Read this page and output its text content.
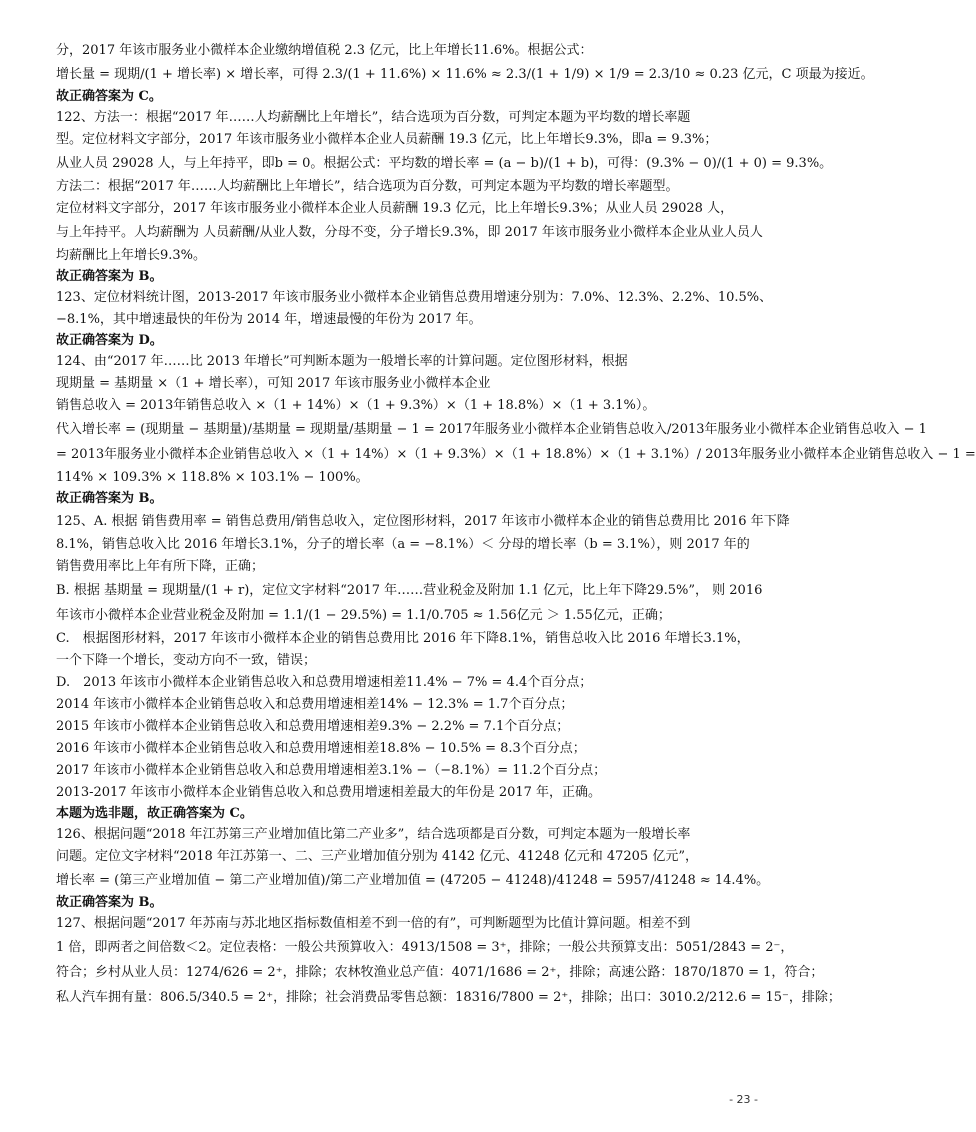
分，2017 年该市服务业小微样本企业缴纳增值税 2.3 亿元，比上年增长11.6%。根据公式：
增长量 = 现期/(1 + 增长率) × 增长率，可得 2.3/(1 + 11.6%) × 11.6% ≈ 2.3/(1 + 1/9) × 1/9 = 2.3/10 ≈ 0.23 亿元，C 项最为接近。
故正确答案为 C。
122、方法一：根据“2017 年……人均薪酬比上年增长”，结合选项为百分数，可判定本题为平均数的增长率题
型。定位材料文字部分，2017 年该市服务业小微样本企业人员薪酬 19.3 亿元，比上年增长9.3%，即a = 9.3%；
从业人员 29028 人，与上年持平，即b = 0。根据公式：平均数的增长率 = (a − b)/(1 + b)，可得：(9.3% − 0)/(1 + 0) = 9.3%。
方法二：根据“2017 年……人均薪酬比上年增长”，结合选项为百分数，可判定本题为平均数的增长率题型。
定位材料文字部分，2017 年该市服务业小微样本企业人员薪酬 19.3 亿元，比上年增长9.3%；从业人员 29028 人，
与上年持平。人均薪酬为 人员薪酬/从业人数，分母不变，分子增长9.3%，即 2017 年该市服务业小微样本企业从业人员人
均薪酬比上年增长9.3%。
故正确答案为 B。
123、定位材料统计图，2013-2017 年该市服务业小微样本企业销售总费用增速分别为：7.0%、12.3%、2.2%、10.5%、
−8.1%，其中增速最快的年份为 2014 年，增速最慢的年份为 2017 年。
故正确答案为 D。
124、由“2017 年……比 2013 年增长”可判断本题为一般增长率的计算问题。定位图形材料，根据
现期量 = 基期量 ×（1 + 增长率），可知 2017 年该市服务业小微样本企业
销售总收入 = 2013年销售总收入 ×（1 + 14%）×（1 + 9.3%）×（1 + 18.8%）×（1 + 3.1%）。
代入增长率 = (现期量 − 基期量)/基期量 = 现期量/基期量 − 1 = 2017年服务业小微样本企业销售总收入/2013年服务业小微样本企业销售总收入 − 1
= 2013年服务业小微样本企业销售总收入 ×（1 + 14%）×（1 + 9.3%）×（1 + 18.8%）×（1 + 3.1%）/ 2013年服务业小微样本企业销售总收入 − 1 =
114% × 109.3% × 118.8% × 103.1% − 100%。
故正确答案为 B。
125、A. 根据 销售费用率 = 销售总费用/销售总收入，定位图形材料，2017 年该市小微样本企业的销售总费用比 2016 年下降
8.1%，销售总收入比 2016 年增长3.1%，分子的增长率（a = −8.1%）＜ 分母的增长率（b = 3.1%），则 2017 年的
销售费用率比上年有所下降，正确；
B. 根据 基期量 = 现期量/(1 + r)，定位文字材料“2017 年……营业税金及附加 1.1 亿元，比上年下降29.5%”， 则 2016
年该市小微样本企业营业税金及附加 = 1.1/(1 − 29.5%) = 1.1/0.705 ≈ 1.56亿元 ＞ 1.55亿元，正确；
C.　根据图形材料，2017 年该市小微样本企业的销售总费用比 2016 年下降8.1%，销售总收入比 2016 年增长3.1%，
一个下降一个增长，变动方向不一致，错误；
D.　2013 年该市小微样本企业销售总收入和总费用增速相差11.4% − 7% = 4.4个百分点；
2014 年该市小微样本企业销售总收入和总费用增速相差14% − 12.3% = 1.7个百分点；
2015 年该市小微样本企业销售总收入和总费用增速相差9.3% − 2.2% = 7.1个百分点；
2016 年该市小微样本企业销售总收入和总费用增速相差18.8% − 10.5% = 8.3个百分点；
2017 年该市小微样本企业销售总收入和总费用增速相差3.1% −（−8.1%）= 11.2个百分点；
2013-2017 年该市小微样本企业销售总收入和总费用增速相差最大的年份是 2017 年，正确。
本题为选非题，故正确答案为 C。
126、根据问题“2018 年江苏第三产业增加值比第二产业多”，结合选项都是百分数，可判定本题为一般增长率
问题。定位文字材料“2018 年江苏第一、二、三产业增加值分别为 4142 亿元、41248 亿元和 47205 亿元”，
增长率 = (第三产业增加值 − 第二产业增加值)/第二产业增加值 = (47205 − 41248)/41248 = 5957/41248 ≈ 14.4%。
故正确答案为 B。
127、根据问题“2017 年苏南与苏北地区指标数值相差不到一倍的有”，可判断题型为比值计算问题。相差不到
1 倍，即两者之间倍数＜2。定位表格：一般公共预算收入：4913/1508 = 3⁺，排除；一般公共预算支出：5051/2843 = 2⁻，
符合；乡村从业人员：1274/626 = 2⁺，排除；农林牧渔业总产值：4071/1686 = 2⁺，排除；高速公路：1870/1870 = 1，符合；
私人汽车拥有量：806.5/340.5 = 2⁺，排除；社会消费品零售总额：18316/7800 = 2⁺，排除；出口：3010.2/212.6 = 15⁻，排除；
- 23 -
